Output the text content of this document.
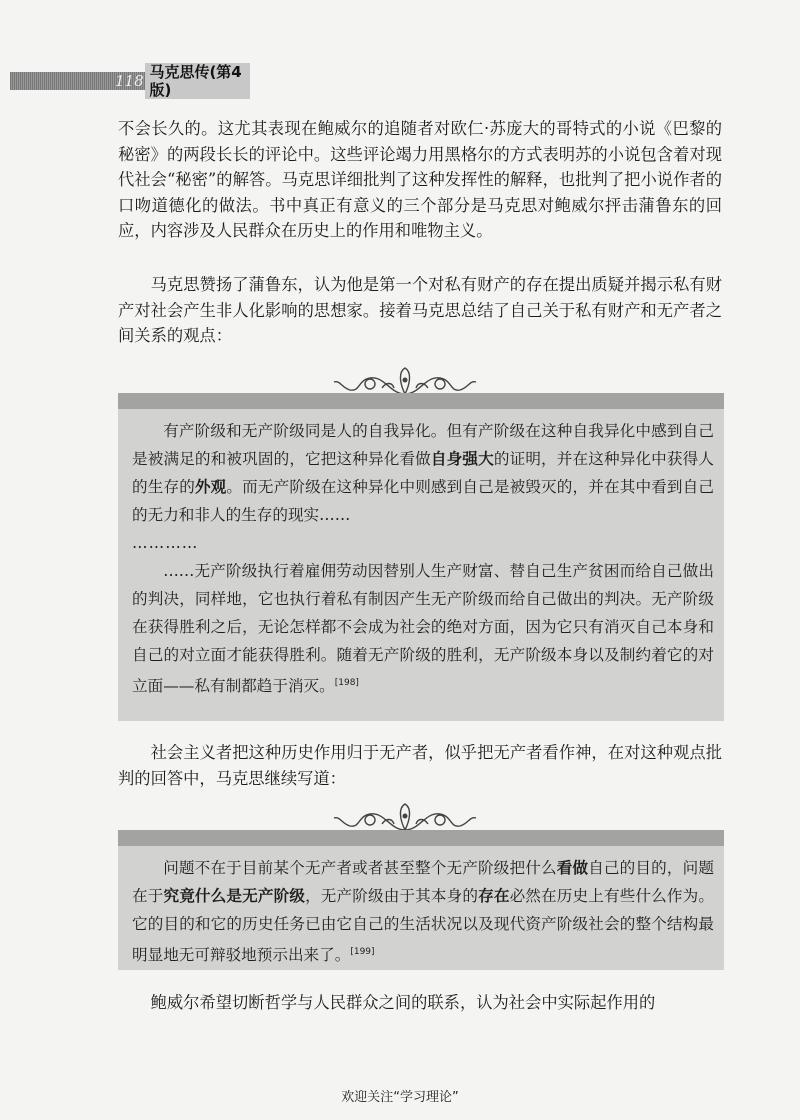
118 马克思传(第4版)

不会长久的。这尤其表现在鲍威尔的追随者对欧仁·苏庞大的哥特式的小说《巴黎的秘密》的两段长长的评论中。这些评论竭力用黑格尔的方式表明苏的小说包含着对现代社会“秘密”的解答。马克思详细批判了这种发挥性的解释，也批判了把小说作者的口吻道德化的做法。书中真正有意义的三个部分是马克思对鲍威尔抨击蒲鲁东的回应，内容涉及人民群众在历史上的作用和唯物主义。

马克思赞扬了蒲鲁东，认为他是第一个对私有财产的存在提出质疑并揭示私有财产对社会产生非人化影响的思想家。接着马克思总结了自己关于私有财产和无产者之间关系的观点：

有产阶级和无产阶级同是人的自我异化。但有产阶级在这种自我异化中感到自己是被满足的和被巩固的，它把这种异化看做自身强大的证明，并在这种异化中获得人的生存的外观。而无产阶级在这种异化中则感到自己是被毁灭的，并在其中看到自己的无力和非人的生存的现实……

…………

……无产阶级执行着雇佣劳动因替别人生产财富、替自己生产贫困而给自己做出的判决，同样地，它也执行着私有制因产生无产阶级而给自己做出的判决。无产阶级在获得胜利之后，无论怎样都不会成为社会的绝对方面，因为它只有消灭自己本身和自己的对立面才能获得胜利。随着无产阶级的胜利，无产阶级本身以及制约着它的对立面——私有制都趋于消灭。[198]

社会主义者把这种历史作用归于无产者，似乎把无产者看作神，在对这种观点批判的回答中，马克思继续写道：

问题不在于目前某个无产者或者甚至整个无产阶级把什么看做自己的目的，问题在于究竟什么是无产阶级，无产阶级由于其本身的存在必然在历史上有些什么作为。它的目的和它的历史任务已由它自己的生活状况以及现代资产阶级社会的整个结构最明显地无可辩驳地预示出来了。[199]

鲍威尔希望切断哲学与人民群众之间的联系，认为社会中实际起作用的

欢迎关注“学习理论”
